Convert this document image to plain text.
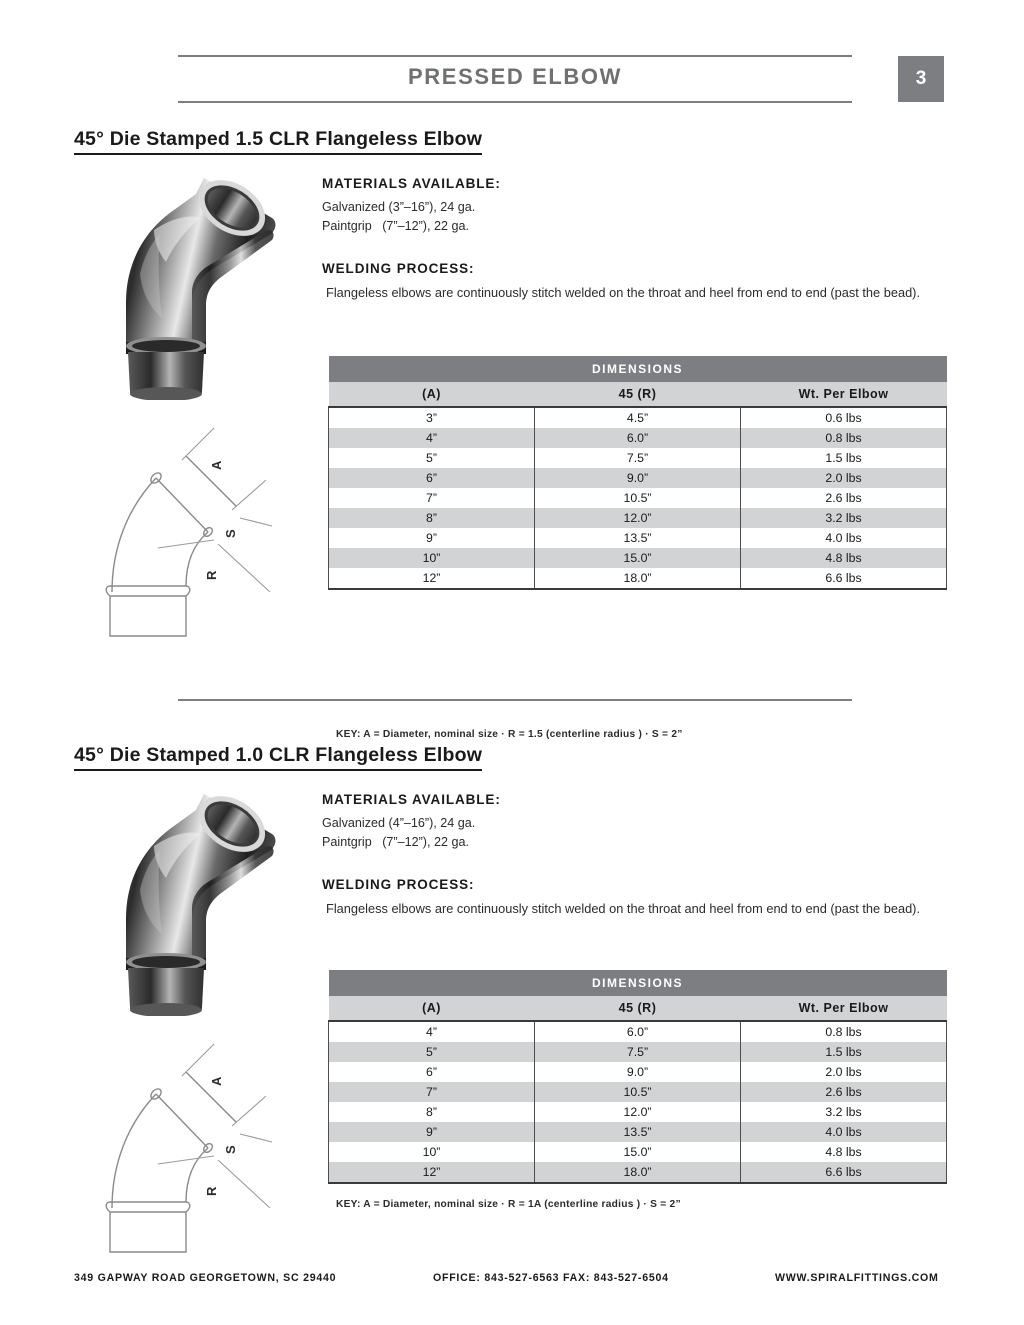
PRESSED ELBOW	3
45° Die Stamped 1.5 CLR Flangeless Elbow
A
S
R

MATERIALS AVAILABLE:

Galvanized (3”–16”), 24 ga.
Paintgrip   (7”–12”), 22 ga.

WELDING PROCESS:

Flangeless elbows are continuously stitch welded on the throat and heel from end to end (past the bead).
DIMENSIONS		
(A)	45 (R)	Wt. Per Elbow
3”	4.5”	0.6 lbs
4”	6.0”	0.8 lbs
5”	7.5”	1.5 lbs
6”	9.0”	2.0 lbs
7”	10.5”	2.6 lbs
8”	12.0”	3.2 lbs
9”	13.5”	4.0 lbs
10”	15.0”	4.8 lbs
12”	18.0”	6.6 lbs
KEY: A = Diameter, nominal size · R = 1.5 (centerline radius ) · S = 2”
45° Die Stamped 1.0 CLR Flangeless Elbow
A
S
R

MATERIALS AVAILABLE:

Galvanized (4”–16”), 24 ga.
Paintgrip   (7”–12”), 22 ga.

WELDING PROCESS:

Flangeless elbows are continuously stitch welded on the throat and heel from end to end (past the bead).
DIMENSIONS		
(A)	45 (R)	Wt. Per Elbow
4”	6.0”	0.8 lbs
5”	7.5”	1.5 lbs
6”	9.0”	2.0 lbs
7”	10.5”	2.6 lbs
8”	12.0”	3.2 lbs
9”	13.5”	4.0 lbs
10”	15.0”	4.8 lbs
12”	18.0”	6.6 lbs
KEY: A = Diameter, nominal size · R = 1A (centerline radius ) · S = 2”
349 GAPWAY ROAD GEORGETOWN, SC 29440	OFFICE: 843-527-6563 FAX: 843-527-6504	WWW.SPIRALFITTINGS.COM
